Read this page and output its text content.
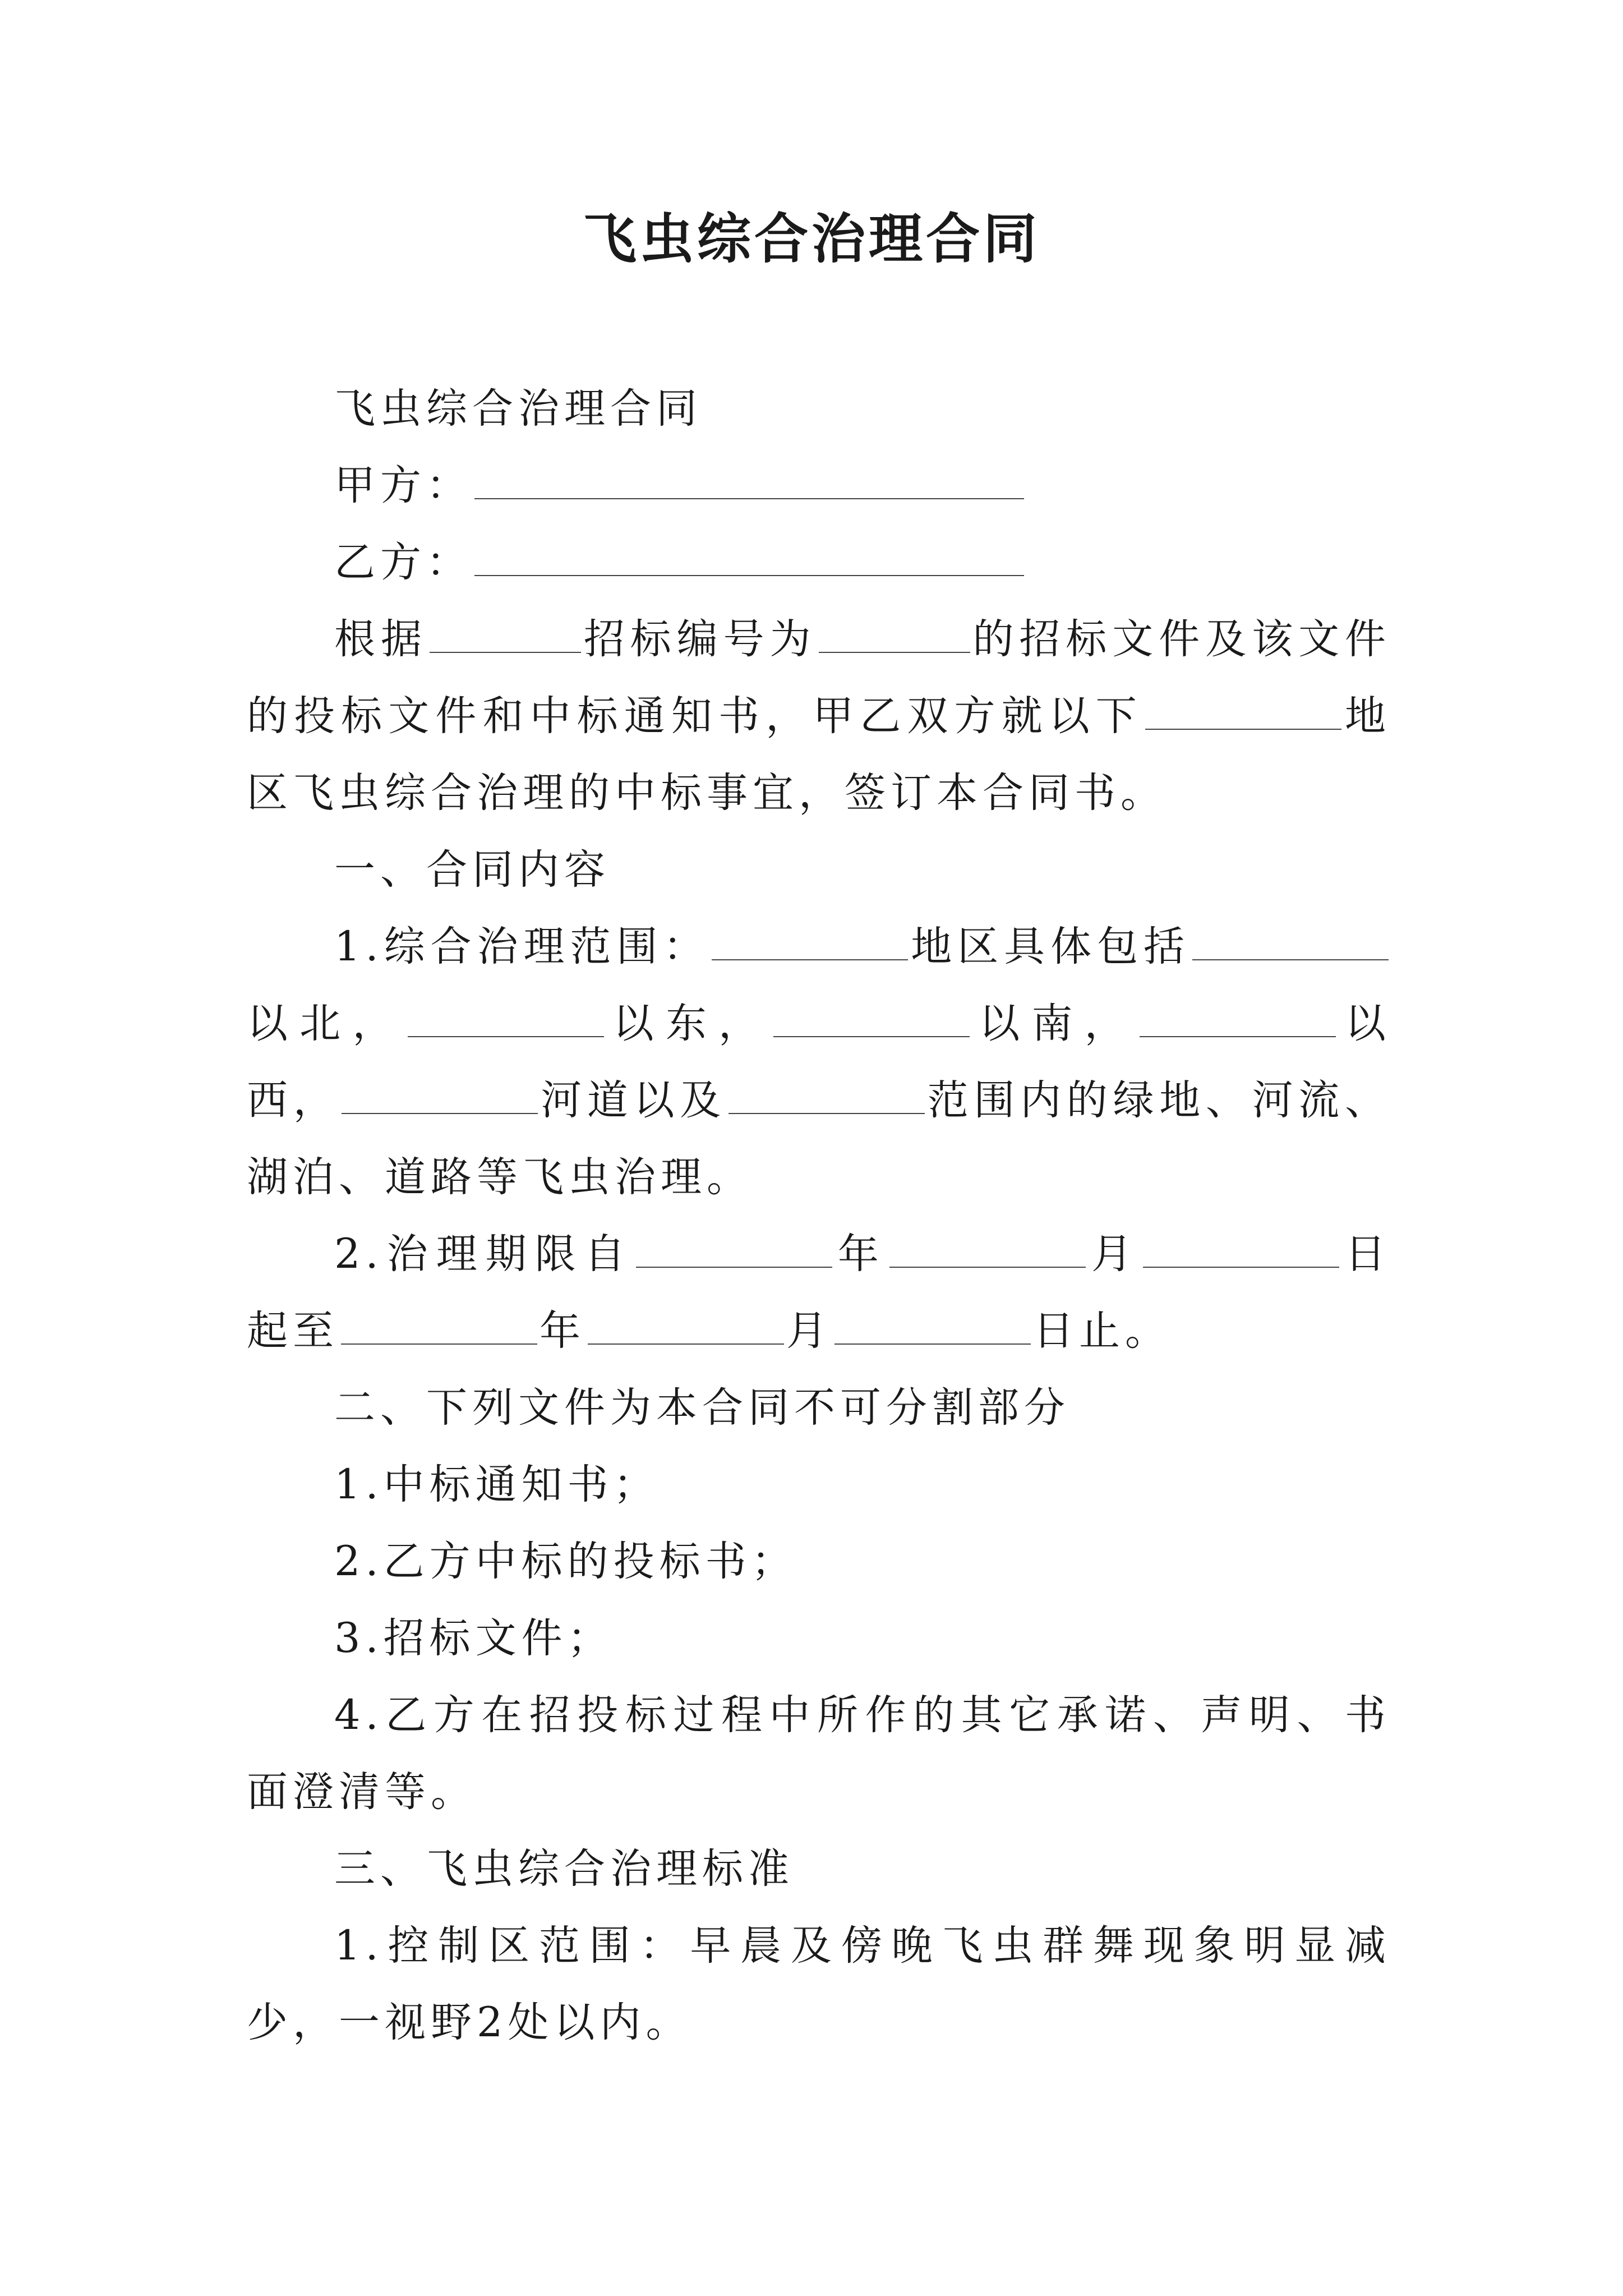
飞虫综合治理合同

飞虫综合治理合同

甲方：

乙方：

根据	招标编号为	的招标文件及该文件的投标文件和中标通知书，甲乙双方就以下	地区飞虫综合治理的中标事宜，签订本合同书。

一、合同内容

1.综合治理范围：	地区具体包括以北，	以东，	以南，	以西，	河道以及	范围内的绿地、河流、湖泊、道路等飞虫治理。

2.治理期限自	年	月	日起至	年	月	日止。

二、下列文件为本合同不可分割部分

1.中标通知书；

2.乙方中标的投标书；

3.招标文件；

4.乙方在招投标过程中所作的其它承诺、声明、书面澄清等。

三、飞虫综合治理标准

1.控制区范围：早晨及傍晚飞虫群舞现象明显减少，一视野2处以内。
